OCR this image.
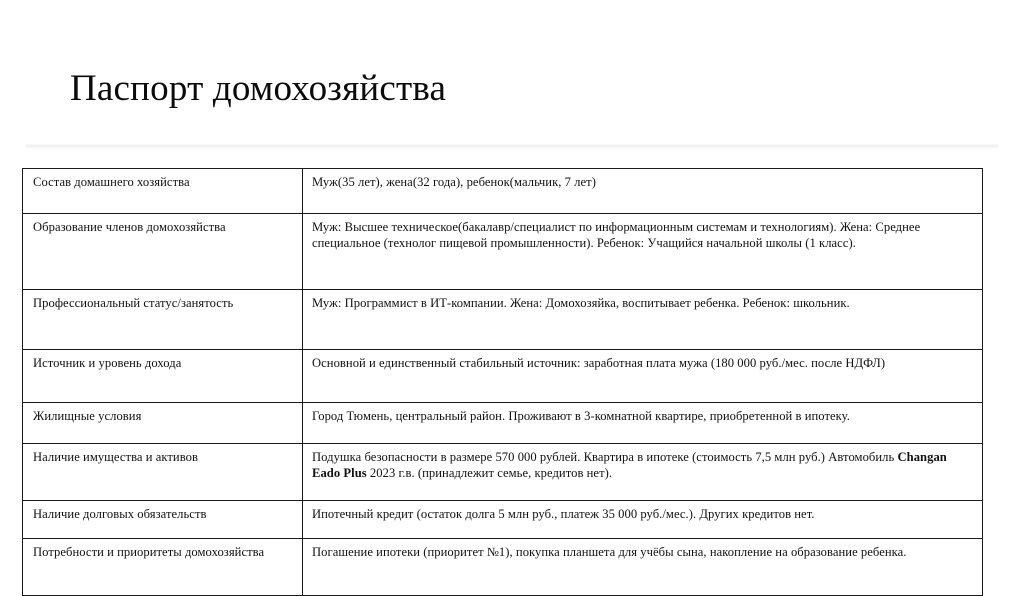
Паспорт домохозяйства
Состав домашнего хозяйства	Муж(35 лет), жена(32 года), ребенок(мальчик, 7 лет)
Образование членов домохозяйства	Муж: Высшее техническое(бакалавр/специалист по информационным системам и технологиям). Жена: Среднее специальное (технолог пищевой промышленности). Ребенок: Учащийся начальной школы (1 класс).
Профессиональный статус/занятость	Муж: Программист в ИТ-компании. Жена: Домохозяйка, воспитывает ребенка. Ребенок: школьник.
Источник и уровень дохода	Основной и единственный стабильный источник: заработная плата мужа (180 000 руб./мес. после НДФЛ)
Жилищные условия	Город Тюмень, центральный район. Проживают в 3-комнатной квартире, приобретенной в ипотеку.
Наличие имущества и активов	Подушка безопасности в размере 570 000 рублей. Квартира в ипотеке (стоимость 7,5 млн руб.) Автомобиль Changan Eado Plus 2023 г.в. (принадлежит семье, кредитов нет).
Наличие долговых обязательств	Ипотечный кредит (остаток долга 5 млн руб., платеж 35 000 руб./мес.). Других кредитов нет.
Потребности и приоритеты домохозяйства	Погашение ипотеки (приоритет №1), покупка планшета для учёбы сына, накопление на образование ребенка.
